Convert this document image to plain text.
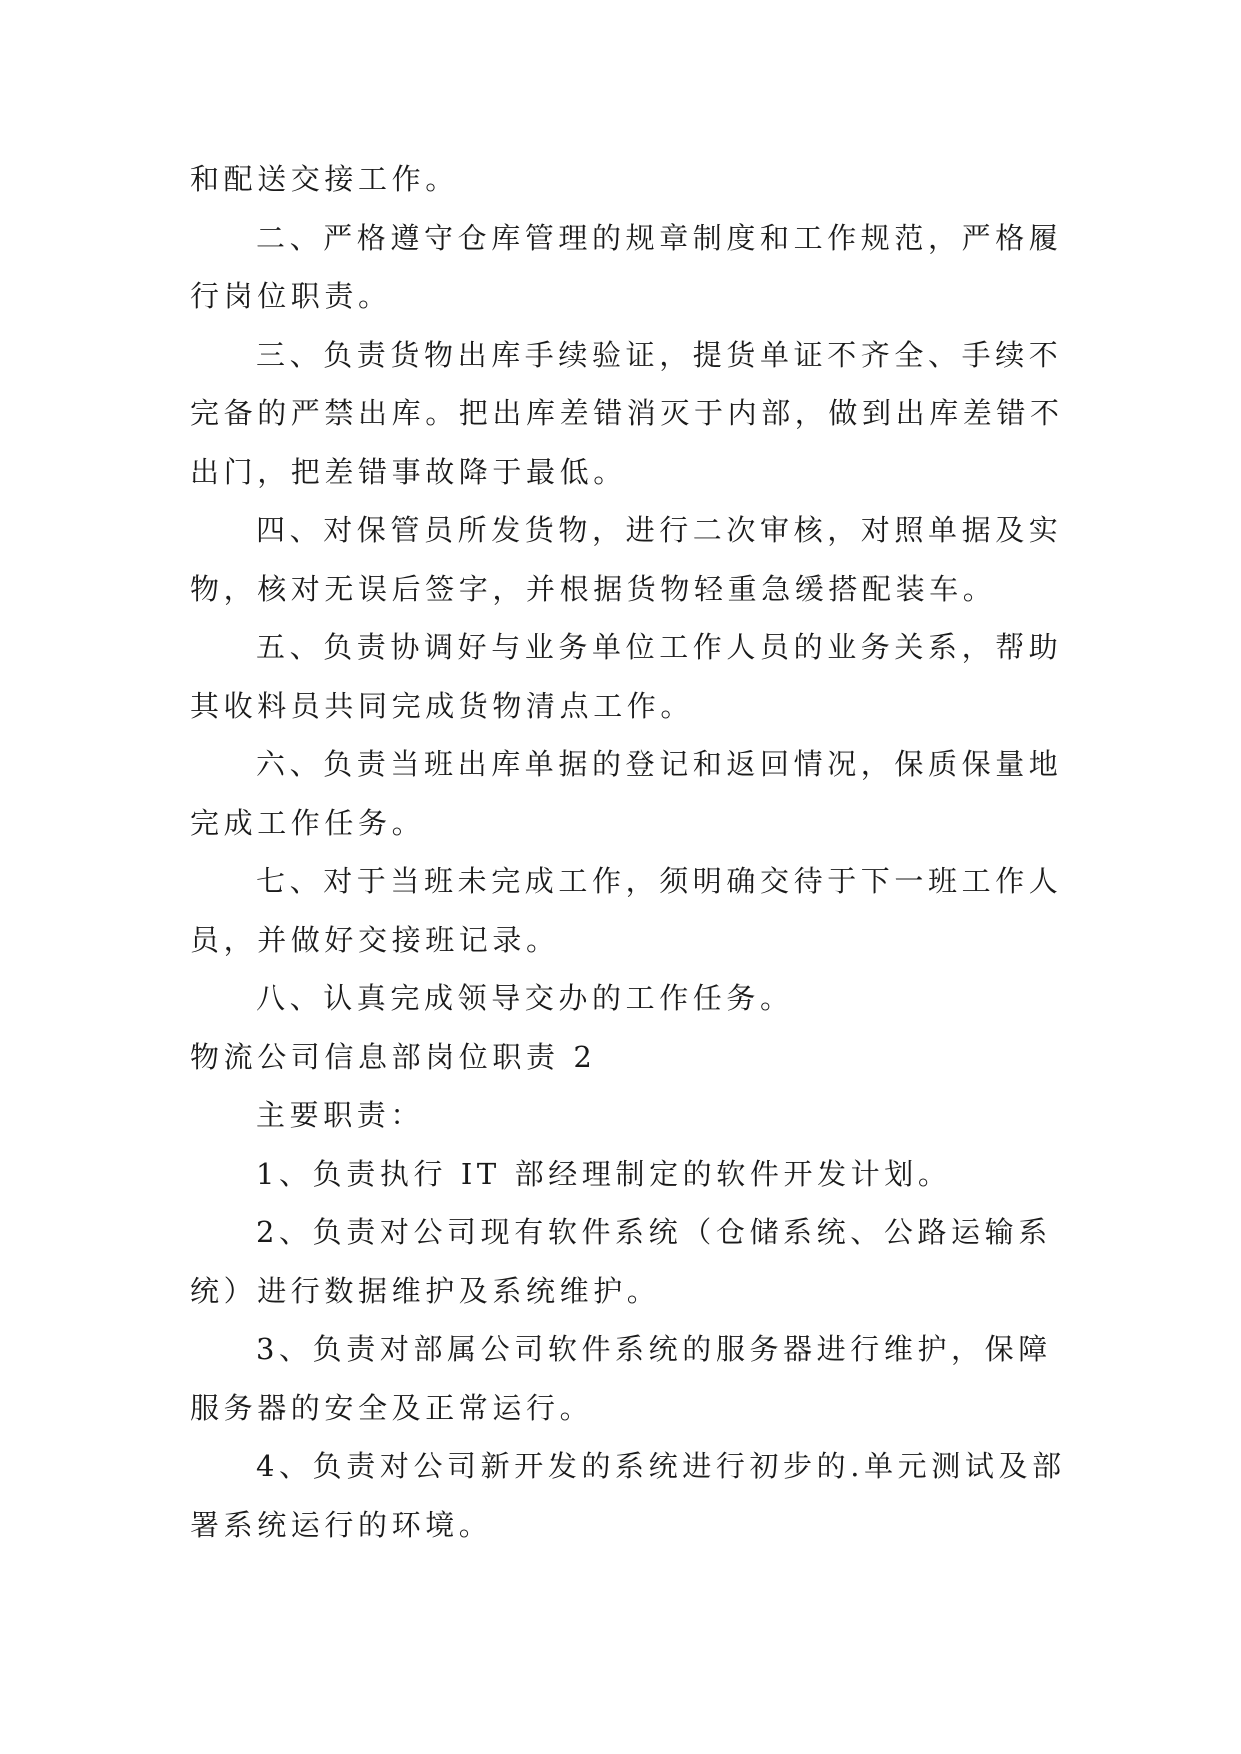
和配送交接工作。
二、严格遵守仓库管理的规章制度和工作规范，严格履
行岗位职责。
三、负责货物出库手续验证，提货单证不齐全、手续不
完备的严禁出库。把出库差错消灭于内部，做到出库差错不
出门，把差错事故降于最低。
四、对保管员所发货物，进行二次审核，对照单据及实
物，核对无误后签字，并根据货物轻重急缓搭配装车。
五、负责协调好与业务单位工作人员的业务关系，帮助
其收料员共同完成货物清点工作。
六、负责当班出库单据的登记和返回情况，保质保量地
完成工作任务。
七、对于当班未完成工作，须明确交待于下一班工作人
员，并做好交接班记录。
八、认真完成领导交办的工作任务。
物流公司信息部岗位职责 2
主要职责：
1、负责执行 IT 部经理制定的软件开发计划。
2、负责对公司现有软件系统（仓储系统、公路运输系
统）进行数据维护及系统维护。
3、负责对部属公司软件系统的服务器进行维护，保障
服务器的安全及正常运行。
4、负责对公司新开发的系统进行初步的.单元测试及部
署系统运行的环境。
